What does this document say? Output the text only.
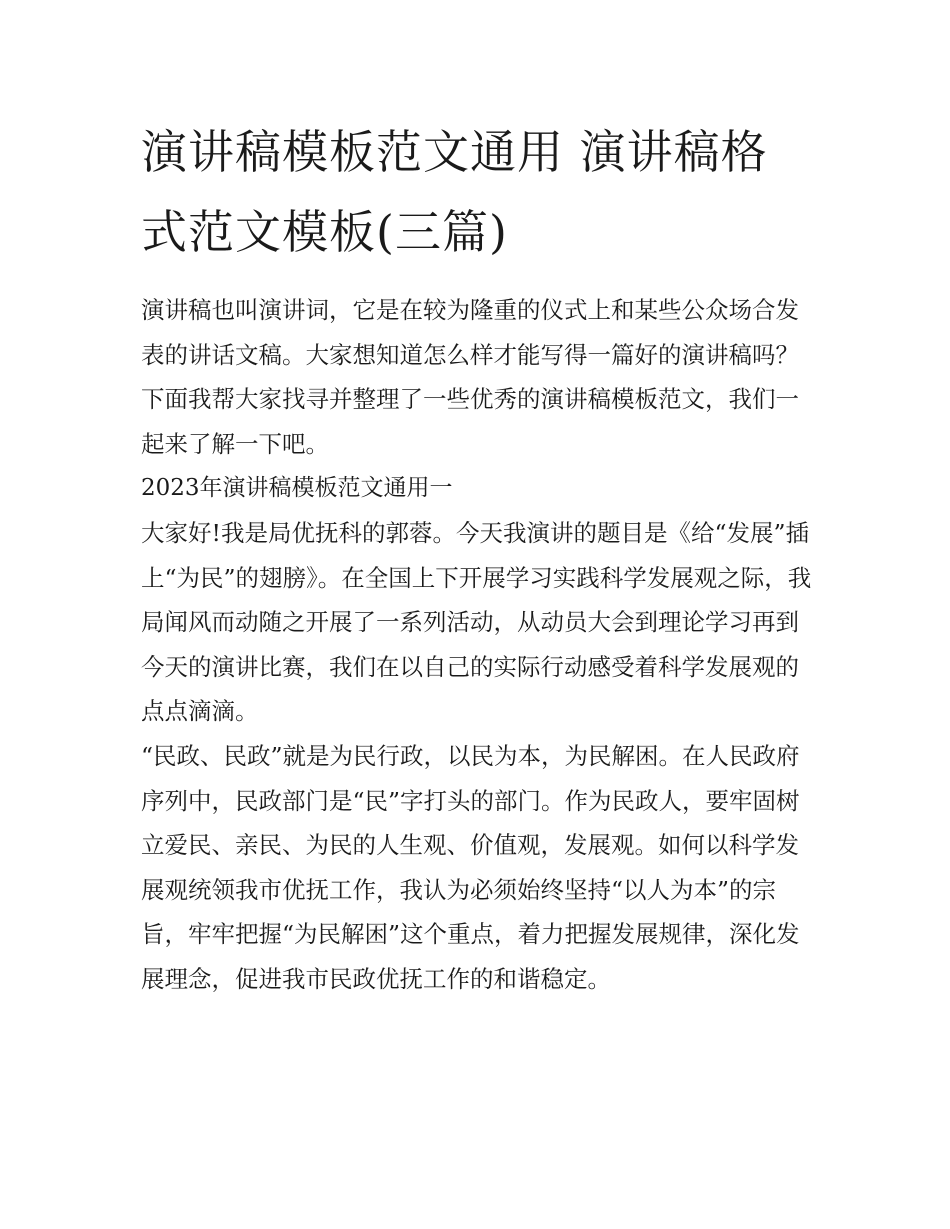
演讲稿模板范文通用 演讲稿格式范文模板(三篇)

演讲稿也叫演讲词，它是在较为隆重的仪式上和某些公众场合发表的讲话文稿。大家想知道怎么样才能写得一篇好的演讲稿吗？下面我帮大家找寻并整理了一些优秀的演讲稿模板范文，我们一起来了解一下吧。

2023年演讲稿模板范文通用一

大家好!我是局优抚科的郭蓉。今天我演讲的题目是《给“发展”插上“为民”的翅膀》。在全国上下开展学习实践科学发展观之际，我局闻风而动随之开展了一系列活动，从动员大会到理论学习再到今天的演讲比赛，我们在以自己的实际行动感受着科学发展观的点点滴滴。

“民政、民政”就是为民行政，以民为本，为民解困。在人民政府序列中，民政部门是“民”字打头的部门。作为民政人，要牢固树立爱民、亲民、为民的人生观、价值观，发展观。如何以科学发展观统领我市优抚工作，我认为必须始终坚持“以人为本”的宗旨，牢牢把握“为民解困”这个重点，着力把握发展规律，深化发展理念，促进我市民政优抚工作的和谐稳定。
